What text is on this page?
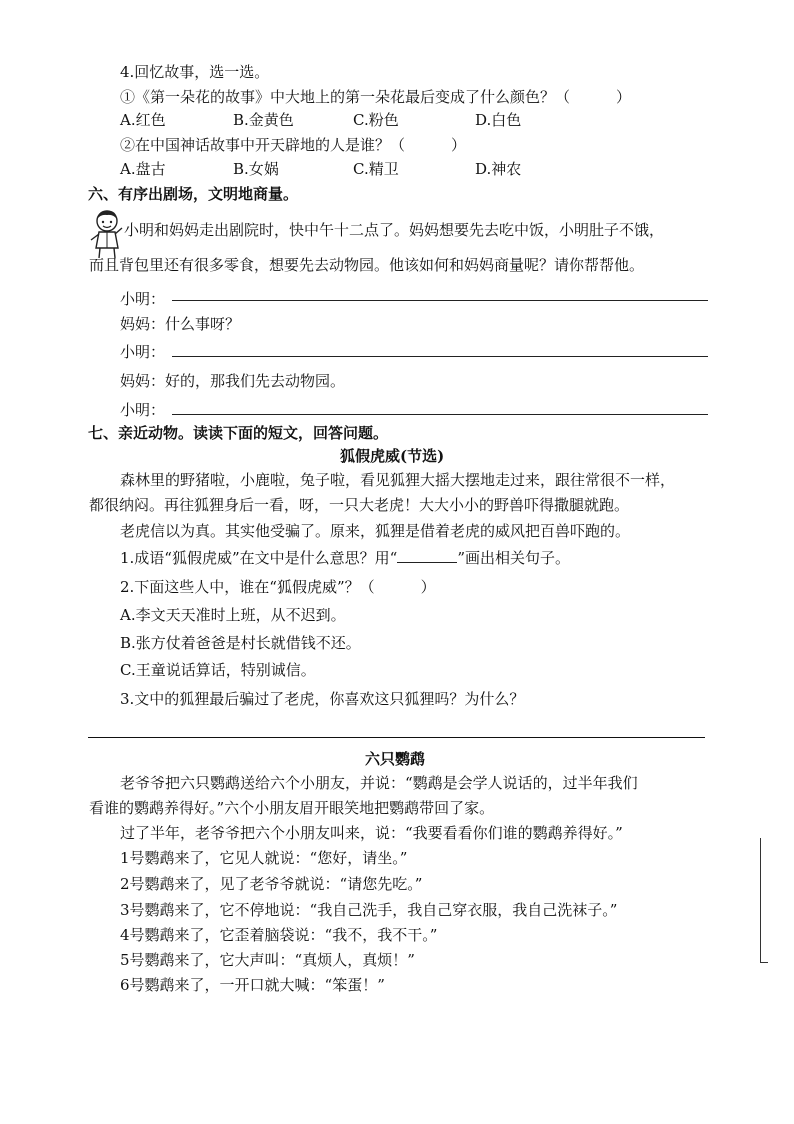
4.回忆故事，选一选。
①《第一朵花的故事》中大地上的第一朵花最后变成了什么颜色？（	）
A.红色	B.金黄色	C.粉色	D.白色
②在中国神话故事中开天辟地的人是谁？（	）
A.盘古	B.女娲	C.精卫	D.神农
六、有序出剧场，文明地商量。
小明和妈妈走出剧院时，快中午十二点了。妈妈想要先去吃中饭，小明肚子不饿，
而且背包里还有很多零食，想要先去动物园。他该如何和妈妈商量呢？请你帮帮他。
小明：
妈妈：什么事呀？
小明：
妈妈：好的，那我们先去动物园。
小明：
七、亲近动物。读读下面的短文，回答问题。
狐假虎威(节选)
森林里的野猪啦，小鹿啦，兔子啦，看见狐狸大摇大摆地走过来，跟往常很不一样，
都很纳闷。再往狐狸身后一看，呀，一只大老虎！大大小小的野兽吓得撒腿就跑。
老虎信以为真。其实他受骗了。原来，狐狸是借着老虎的威风把百兽吓跑的。
1.成语“狐假虎威”在文中是什么意思？用“	”画出相关句子。
2.下面这些人中，谁在“狐假虎威”？（	）
A.李文天天准时上班，从不迟到。
B.张方仗着爸爸是村长就借钱不还。
C.王童说话算话，特别诚信。
3.文中的狐狸最后骗过了老虎，你喜欢这只狐狸吗？为什么？
六只鹦鹉
老爷爷把六只鹦鹉送给六个小朋友，并说：“鹦鹉是会学人说话的，过半年我们
看谁的鹦鹉养得好。”六个小朋友眉开眼笑地把鹦鹉带回了家。
过了半年，老爷爷把六个小朋友叫来，说：“我要看看你们谁的鹦鹉养得好。”
1号鹦鹉来了，它见人就说：“您好，请坐。”
2号鹦鹉来了，见了老爷爷就说：“请您先吃。”
3号鹦鹉来了，它不停地说：“我自己洗手，我自己穿衣服，我自己洗袜子。”
4号鹦鹉来了，它歪着脑袋说：“我不，我不干。”
5号鹦鹉来了，它大声叫：“真烦人，真烦！”
6号鹦鹉来了，一开口就大喊：“笨蛋！”
